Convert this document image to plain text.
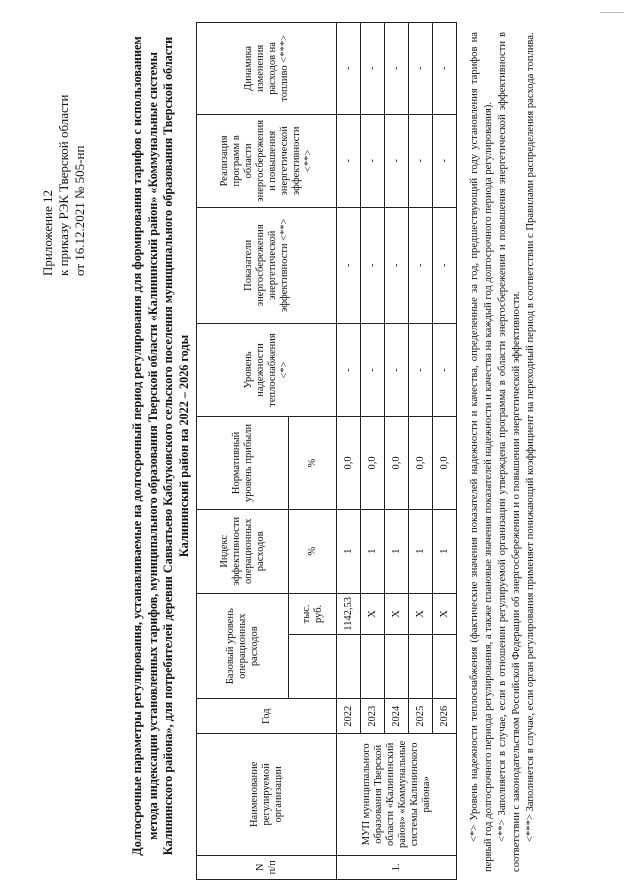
Приложение 12 к приказу РЭК Тверской области от 16.12.2021 № 505-нп	Долгосрочные параметры регулирования, устанавливаемые на долгосрочный период регулирования для формирования тарифов с использованием метода индексации установленных тарифов, муниципального образования Тверской области «Калининский район» «Коммунальные системы Калининского района», для потребителей деревни Савватьево Каблуковского сельского поселения муниципального образования Тверской области Калининский район на 2022 – 2026 годы
N п/п	Наименование регулируемой организации	Год	Базовый уровень операционных расходов		Индекс эффективности операционных расходов	Нормативный уровень прибыли	Уровень надежности теплоснабжения <*>	Показатели энергосбережения энергетической эффективности <**>	Реализация программ в области энергосбережения и повышения энергетической эффективности <**>	Динамика изменения расходов на топливо <***>
				тыс. руб.	%	%				
1.	МУП муниципального образования Тверской области «Калининский район» «Коммунальные системы Калининского района»	2022		1142,53	1	0,0	-	-	-	-
		2023		X	1	0,0	-	-	-	-
		2024		X	1	0,0	-	-	-	-
		2025		X	1	0,0	-	-	-	-
		2026		X	1	0,0	-	-	-	- <*> Уровень надежности теплоснабжения (фактические значения показателей надежности и качества, определенные за год, предшествующий году установления тарифов на первый год долгосрочного периода регулирования, а также плановые значения показателей надежности и качества на каждый год долгосрочного периода регулирования). <**> Заполняется в случае, если в отношении регулируемой организации утверждена программа в области энергосбережения и повышения энергетической эффективности в соответствии с законодательством Российской Федерации об энергосбережении и о повышении энергетической эффективности. <***> Заполняется в случае, если орган регулирования применяет понижающий коэффициент на переходный период в соответствии с Правилами распределения расхода топлива.
